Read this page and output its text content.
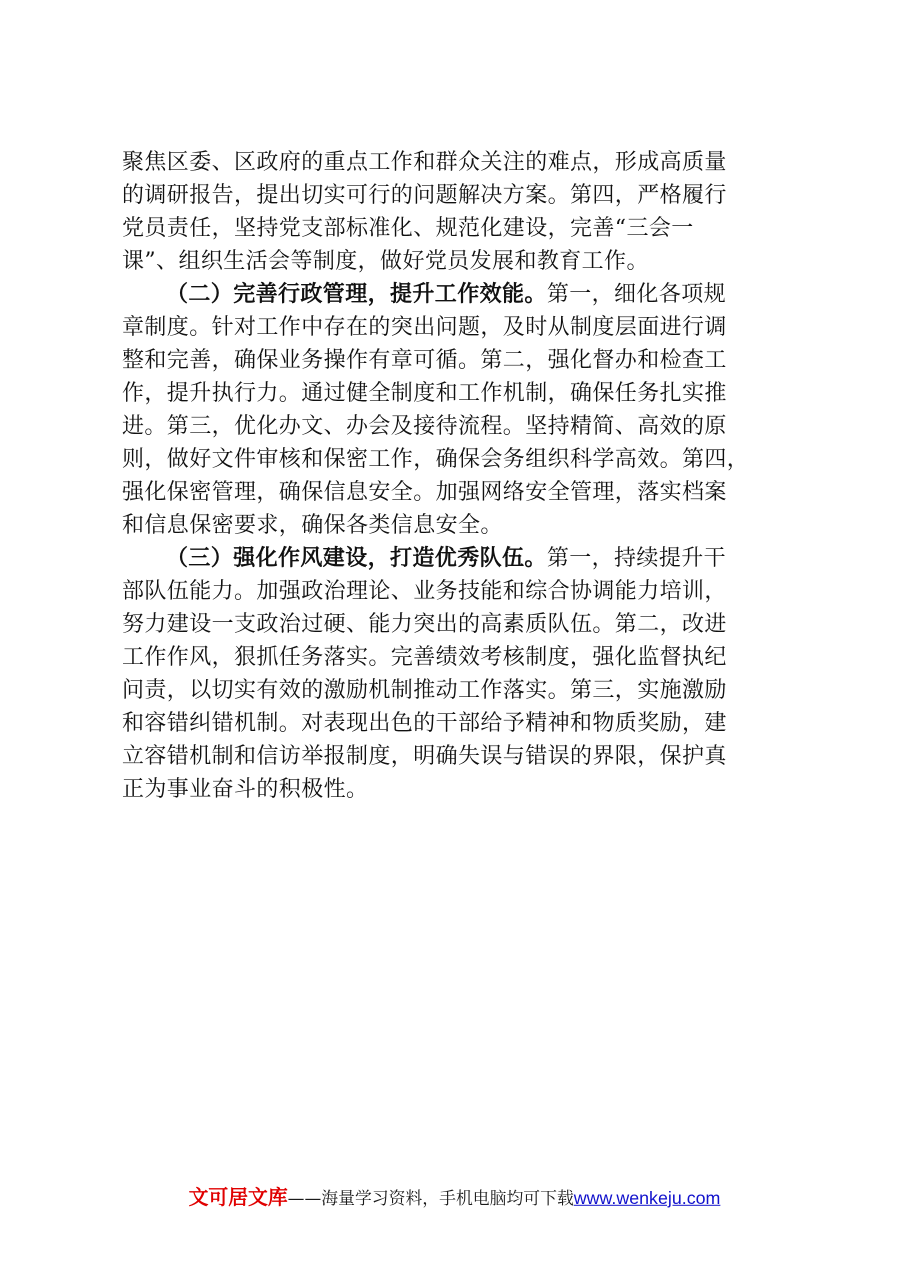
聚焦区委、区政府的重点工作和群众关注的难点，形成高质量
的调研报告，提出切实可行的问题解决方案。第四，严格履行
党员责任，坚持党支部标准化、规范化建设，完善“三会一
课”、组织生活会等制度，做好党员发展和教育工作。
（二）完善行政管理，提升工作效能。第一，细化各项规
章制度。针对工作中存在的突出问题，及时从制度层面进行调
整和完善，确保业务操作有章可循。第二，强化督办和检查工
作，提升执行力。通过健全制度和工作机制，确保任务扎实推
进。第三，优化办文、办会及接待流程。坚持精简、高效的原
则，做好文件审核和保密工作，确保会务组织科学高效。第四，
强化保密管理，确保信息安全。加强网络安全管理，落实档案
和信息保密要求，确保各类信息安全。
（三）强化作风建设，打造优秀队伍。第一，持续提升干
部队伍能力。加强政治理论、业务技能和综合协调能力培训，
努力建设一支政治过硬、能力突出的高素质队伍。第二，改进
工作作风，狠抓任务落实。完善绩效考核制度，强化监督执纪
问责，以切实有效的激励机制推动工作落实。第三，实施激励
和容错纠错机制。对表现出色的干部给予精神和物质奖励，建
立容错机制和信访举报制度，明确失误与错误的界限，保护真
正为事业奋斗的积极性。
文可居文库——海量学习资料，手机电脑均可下载www.wenkeju.com
